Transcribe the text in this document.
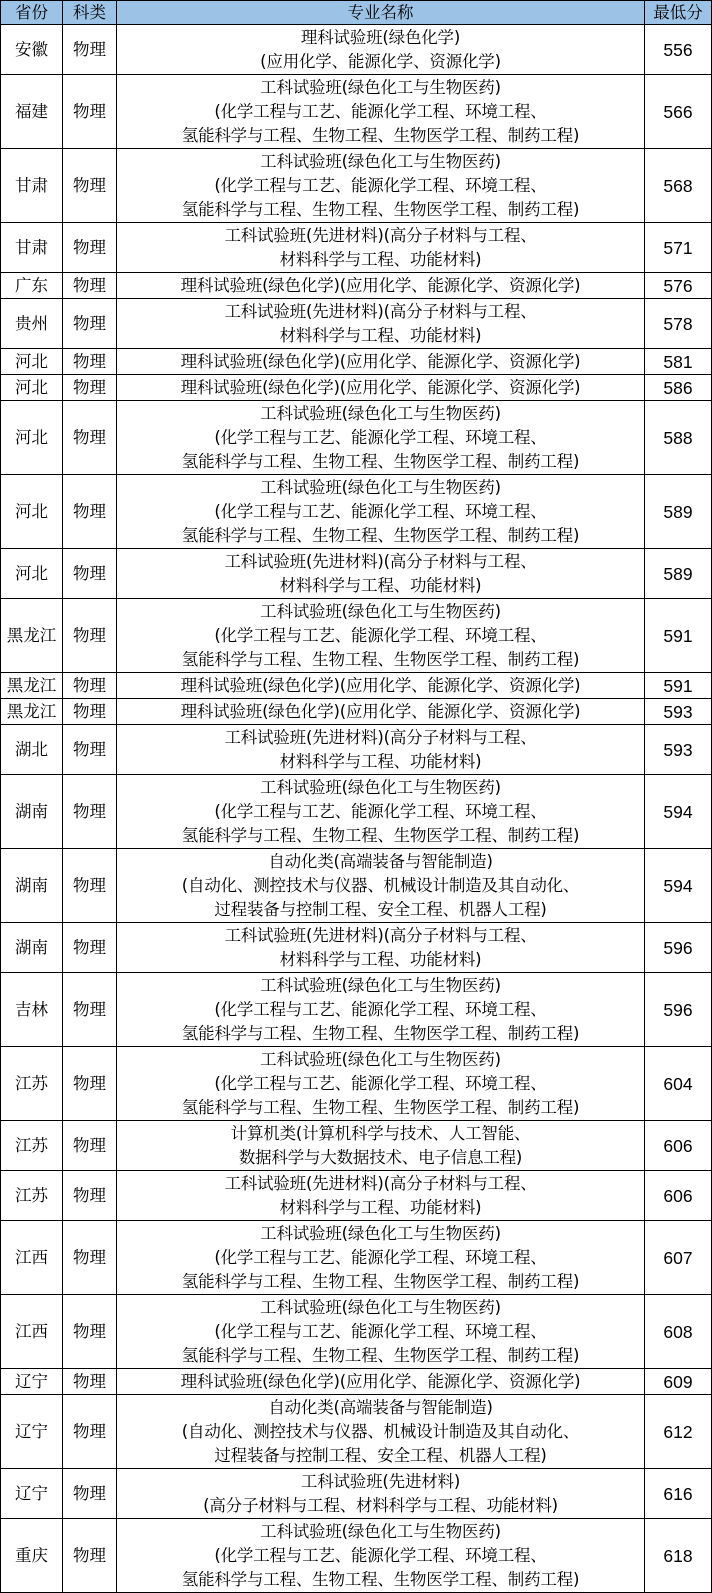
省份	科类	专业名称	最低分
安徽	物理	理科试验班(绿色化学)
(应用化学、能源化学、资源化学)	556
福建	物理	工科试验班(绿色化工与生物医药)
(化学工程与工艺、能源化学工程、环境工程、
氢能科学与工程、生物工程、生物医学工程、制药工程)	566
甘肃	物理	工科试验班(绿色化工与生物医药)
(化学工程与工艺、能源化学工程、环境工程、
氢能科学与工程、生物工程、生物医学工程、制药工程)	568
甘肃	物理	工科试验班(先进材料)(高分子材料与工程、
材料科学与工程、功能材料)	571
广东	物理	理科试验班(绿色化学)(应用化学、能源化学、资源化学)	576
贵州	物理	工科试验班(先进材料)(高分子材料与工程、
材料科学与工程、功能材料)	578
河北	物理	理科试验班(绿色化学)(应用化学、能源化学、资源化学)	581
河北	物理	理科试验班(绿色化学)(应用化学、能源化学、资源化学)	586
河北	物理	工科试验班(绿色化工与生物医药)
(化学工程与工艺、能源化学工程、环境工程、
氢能科学与工程、生物工程、生物医学工程、制药工程)	588
河北	物理	工科试验班(绿色化工与生物医药)
(化学工程与工艺、能源化学工程、环境工程、
氢能科学与工程、生物工程、生物医学工程、制药工程)	589
河北	物理	工科试验班(先进材料)(高分子材料与工程、
材料科学与工程、功能材料)	589
黑龙江	物理	工科试验班(绿色化工与生物医药)
(化学工程与工艺、能源化学工程、环境工程、
氢能科学与工程、生物工程、生物医学工程、制药工程)	591
黑龙江	物理	理科试验班(绿色化学)(应用化学、能源化学、资源化学)	591
黑龙江	物理	理科试验班(绿色化学)(应用化学、能源化学、资源化学)	593
湖北	物理	工科试验班(先进材料)(高分子材料与工程、
材料科学与工程、功能材料)	593
湖南	物理	工科试验班(绿色化工与生物医药)
(化学工程与工艺、能源化学工程、环境工程、
氢能科学与工程、生物工程、生物医学工程、制药工程)	594
湖南	物理	自动化类(高端装备与智能制造)
(自动化、测控技术与仪器、机械设计制造及其自动化、
过程装备与控制工程、安全工程、机器人工程)	594
湖南	物理	工科试验班(先进材料)(高分子材料与工程、
材料科学与工程、功能材料)	596
吉林	物理	工科试验班(绿色化工与生物医药)
(化学工程与工艺、能源化学工程、环境工程、
氢能科学与工程、生物工程、生物医学工程、制药工程)	596
江苏	物理	工科试验班(绿色化工与生物医药)
(化学工程与工艺、能源化学工程、环境工程、
氢能科学与工程、生物工程、生物医学工程、制药工程)	604
江苏	物理	计算机类(计算机科学与技术、人工智能、
数据科学与大数据技术、电子信息工程)	606
江苏	物理	工科试验班(先进材料)(高分子材料与工程、
材料科学与工程、功能材料)	606
江西	物理	工科试验班(绿色化工与生物医药)
(化学工程与工艺、能源化学工程、环境工程、
氢能科学与工程、生物工程、生物医学工程、制药工程)	607
江西	物理	工科试验班(绿色化工与生物医药)
(化学工程与工艺、能源化学工程、环境工程、
氢能科学与工程、生物工程、生物医学工程、制药工程)	608
辽宁	物理	理科试验班(绿色化学)(应用化学、能源化学、资源化学)	609
辽宁	物理	自动化类(高端装备与智能制造)
(自动化、测控技术与仪器、机械设计制造及其自动化、
过程装备与控制工程、安全工程、机器人工程)	612
辽宁	物理	工科试验班(先进材料)
(高分子材料与工程、材料科学与工程、功能材料)	616
重庆	物理	工科试验班(绿色化工与生物医药)
(化学工程与工艺、能源化学工程、环境工程、
氢能科学与工程、生物工程、生物医学工程、制药工程)	618
